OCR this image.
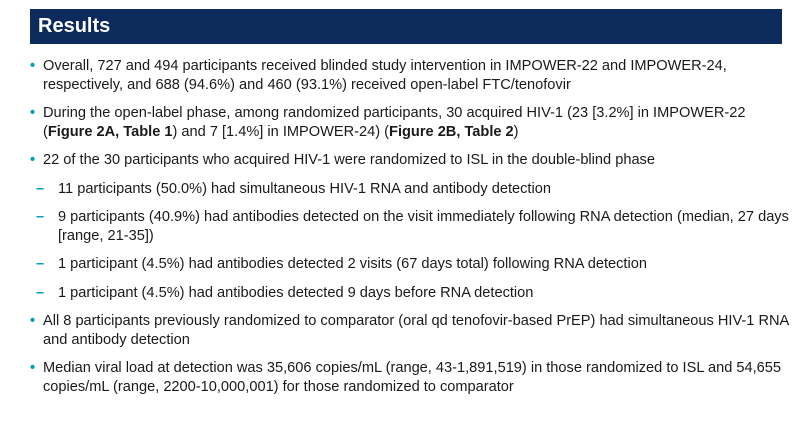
Results
• Overall, 727 and 494 participants received blinded study intervention in IMPOWER-22 and IMPOWER-24, respectively, and 688 (94.6%) and 460 (93.1%) received open-label FTC/tenofovir
• During the open-label phase, among randomized participants, 30 acquired HIV-1 (23 [3.2%] in IMPOWER-22 (Figure 2A, Table 1) and 7 [1.4%] in IMPOWER-24) (Figure 2B, Table 2)
• 22 of the 30 participants who acquired HIV-1 were randomized to ISL in the double-blind phase
– 11 participants (50.0%) had simultaneous HIV-1 RNA and antibody detection
– 9 participants (40.9%) had antibodies detected on the visit immediately following RNA detection (median, 27 days [range, 21-35])
– 1 participant (4.5%) had antibodies detected 2 visits (67 days total) following RNA detection
– 1 participant (4.5%) had antibodies detected 9 days before RNA detection
• All 8 participants previously randomized to comparator (oral qd tenofovir-based PrEP) had simultaneous HIV-1 RNA and antibody detection
• Median viral load at detection was 35,606 copies/mL (range, 43-1,891,519) in those randomized to ISL and 54,655 copies/mL (range, 2200-10,000,001) for those randomized to comparator
